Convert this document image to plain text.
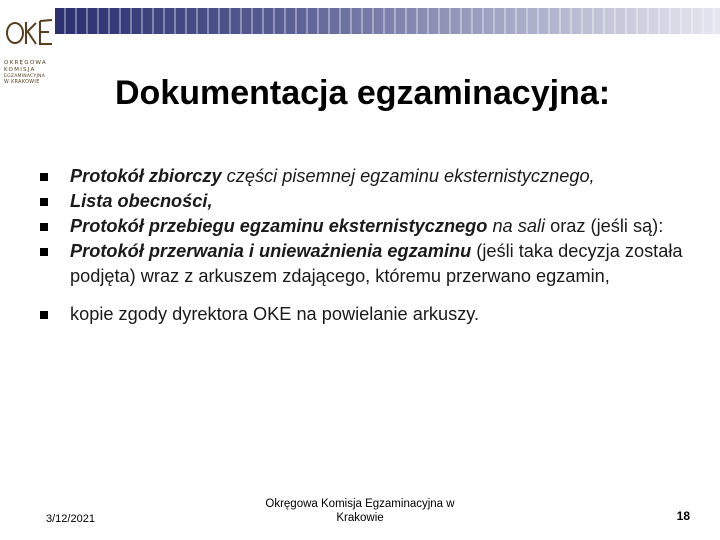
OKRĘGOWA
KOMISJA
EGZAMINACYJNA
W KRAKOWIE	Dokumentacja egzaminacyjna:
Protokół zbiorczy części pisemnej egzaminu eksternistycznego,
Lista obecności,
Protokół przebiegu egzaminu eksternistycznego na sali oraz (jeśli są):
Protokół przerwania i unieważnienia egzaminu (jeśli taka decyzja została podjęta) wraz z arkuszem zdającego, któremu przerwano egzamin,
kopie zgody dyrektora OKE na powielanie arkuszy.
3/12/2021
Okręgowa Komisja Egzaminacyjna w
Krakowie	18
